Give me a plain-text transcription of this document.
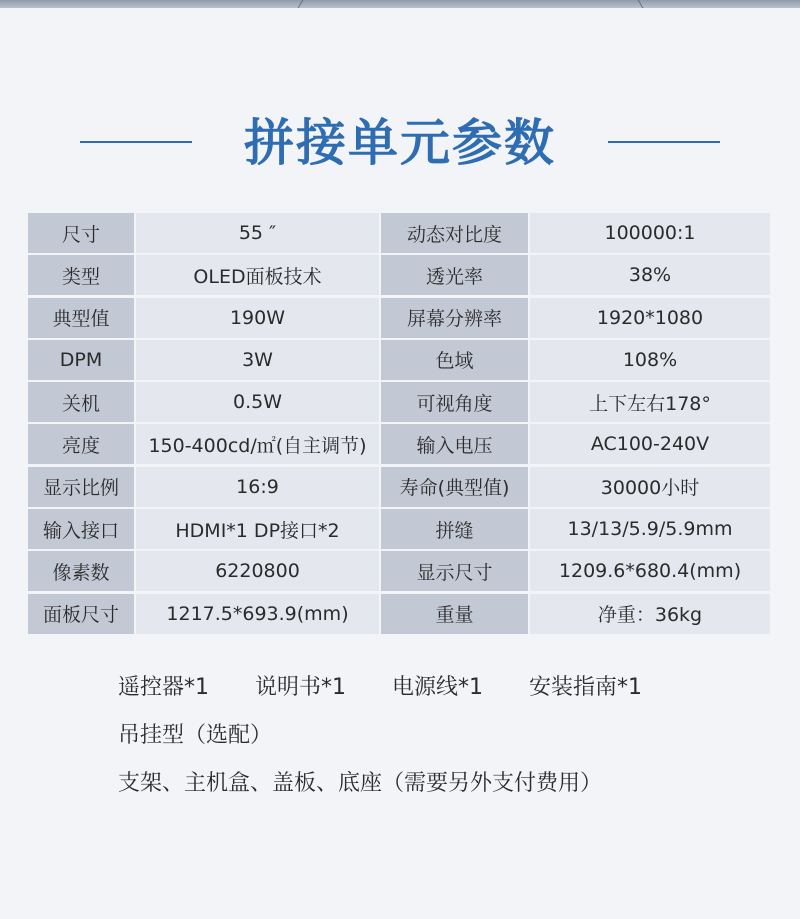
拼接单元参数
尺寸	55 ″	动态对比度	100000:1
类型	OLED面板技术	透光率	38%
典型值	190W	屏幕分辨率	1920*1080
DPM	3W	色域	108%
关机	0.5W	可视角度	上下左右178°
亮度	150-400cd/㎡(自主调节)	输入电压	AC100-240V
显示比例	16:9	寿命(典型值)	30000小时
输入接口	HDMI*1 DP接口*2	拼缝	13/13/5.9/5.9mm
像素数	6220800	显示尺寸	1209.6*680.4(mm)
面板尺寸	1217.5*693.9(mm)	重量	净重：36kg
遥控器*1 说明书*1 电源线*1 安装指南*1
吊挂型（选配）
支架、主机盒、盖板、底座（需要另外支付费用）
